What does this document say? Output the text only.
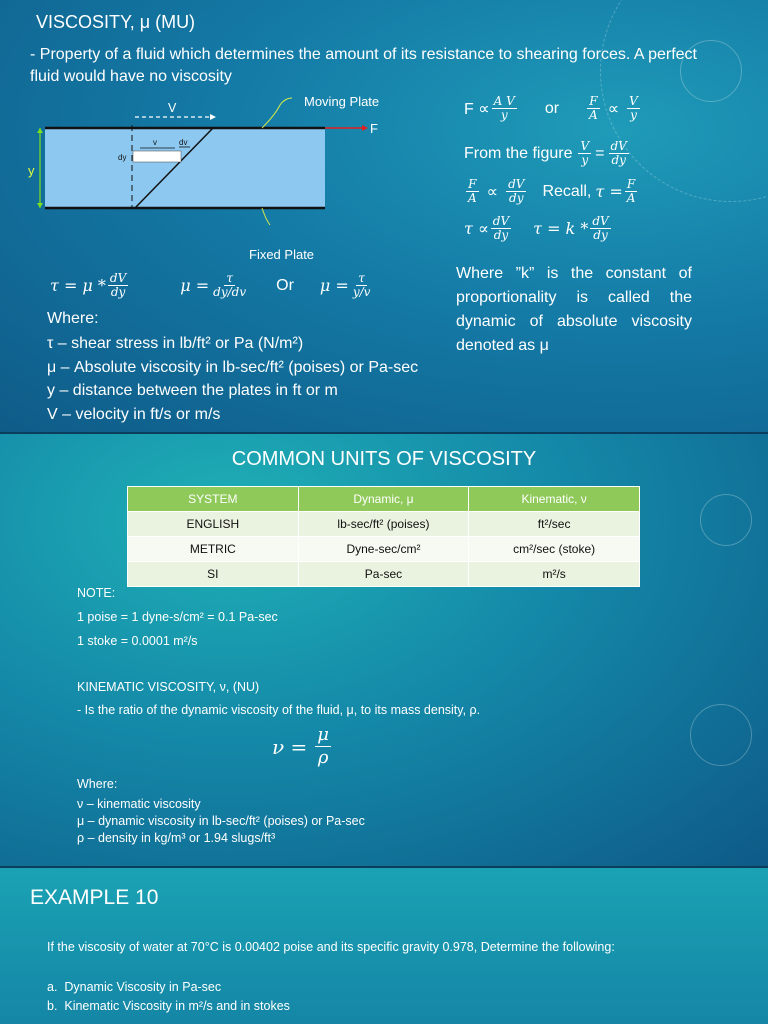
VISCOSITY, μ (MU)
- Property of a fluid which determines the amount of its resistance to shearing forces. A perfect fluid would have no viscosity
V	Moving Plate
F
y
dy
v	dv
Fixed Plate
$F \propto \frac{\text{A V}}{y}$ or $\frac{F}{A} \propto \frac{V}{y}$
From the figure $\frac{V}{y} = \frac{dV}{dy}$
$\frac{F}{A} \propto \frac{dV}{dy}$ Recall, $\tau = \frac{F}{A}$
$\tau \propto \frac{dV}{dy}$ $\tau = k * \frac{dV}{dy}$
$\tau = \mu * \frac{dV}{dy}$	$\mu = \frac{\tau}{dy/dv}$ Or $\mu = \frac{\tau}{y/v}$
Where:
τ – shear stress in lb/ft² or Pa (N/m²)
μ – Absolute viscosity in lb-sec/ft² (poises) or Pa-sec
y – distance between the plates in ft or m
V – velocity in ft/s or m/s
Where ”k” is the constant of proportionality is called the dynamic of absolute viscosity denoted as μ
COMMON UNITS OF VISCOSITY
SYSTEM	Dynamic, μ	Kinematic, ν
ENGLISH	lb-sec/ft² (poises)	ft²/sec
METRIC	Dyne-sec/cm²	cm²/sec (stoke)
SI	Pa-sec	m²/s
NOTE:
1 poise = 1 dyne-s/cm² = 0.1 Pa-sec
1 stoke = 0.0001 m²/s
KINEMATIC VISCOSITY, ν, (NU)
- Is the ratio of the dynamic viscosity of the fluid, μ, to its mass density, ρ.
$\nu = \frac{\mu}{\rho}$
Where:
ν – kinematic viscosity
μ – dynamic viscosity in lb-sec/ft² (poises) or Pa-sec
ρ – density in kg/m³ or 1.94 slugs/ft³
EXAMPLE 10
If the viscosity of water at 70°C is 0.00402 poise and its specific gravity 0.978, Determine the following:
a.  Dynamic Viscosity in Pa-sec
b.  Kinematic Viscosity in m²/s and in stokes
